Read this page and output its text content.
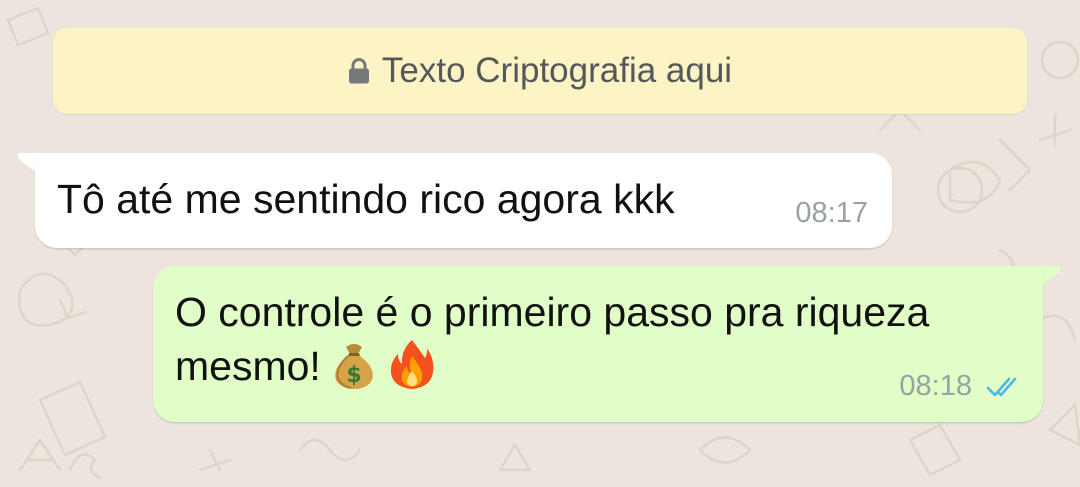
Texto Criptografia aqui
Tô até me sentindo rico agora kkk	08:17
O controle é o primeiro passo pra riqueza
mesmo! $	08:18
